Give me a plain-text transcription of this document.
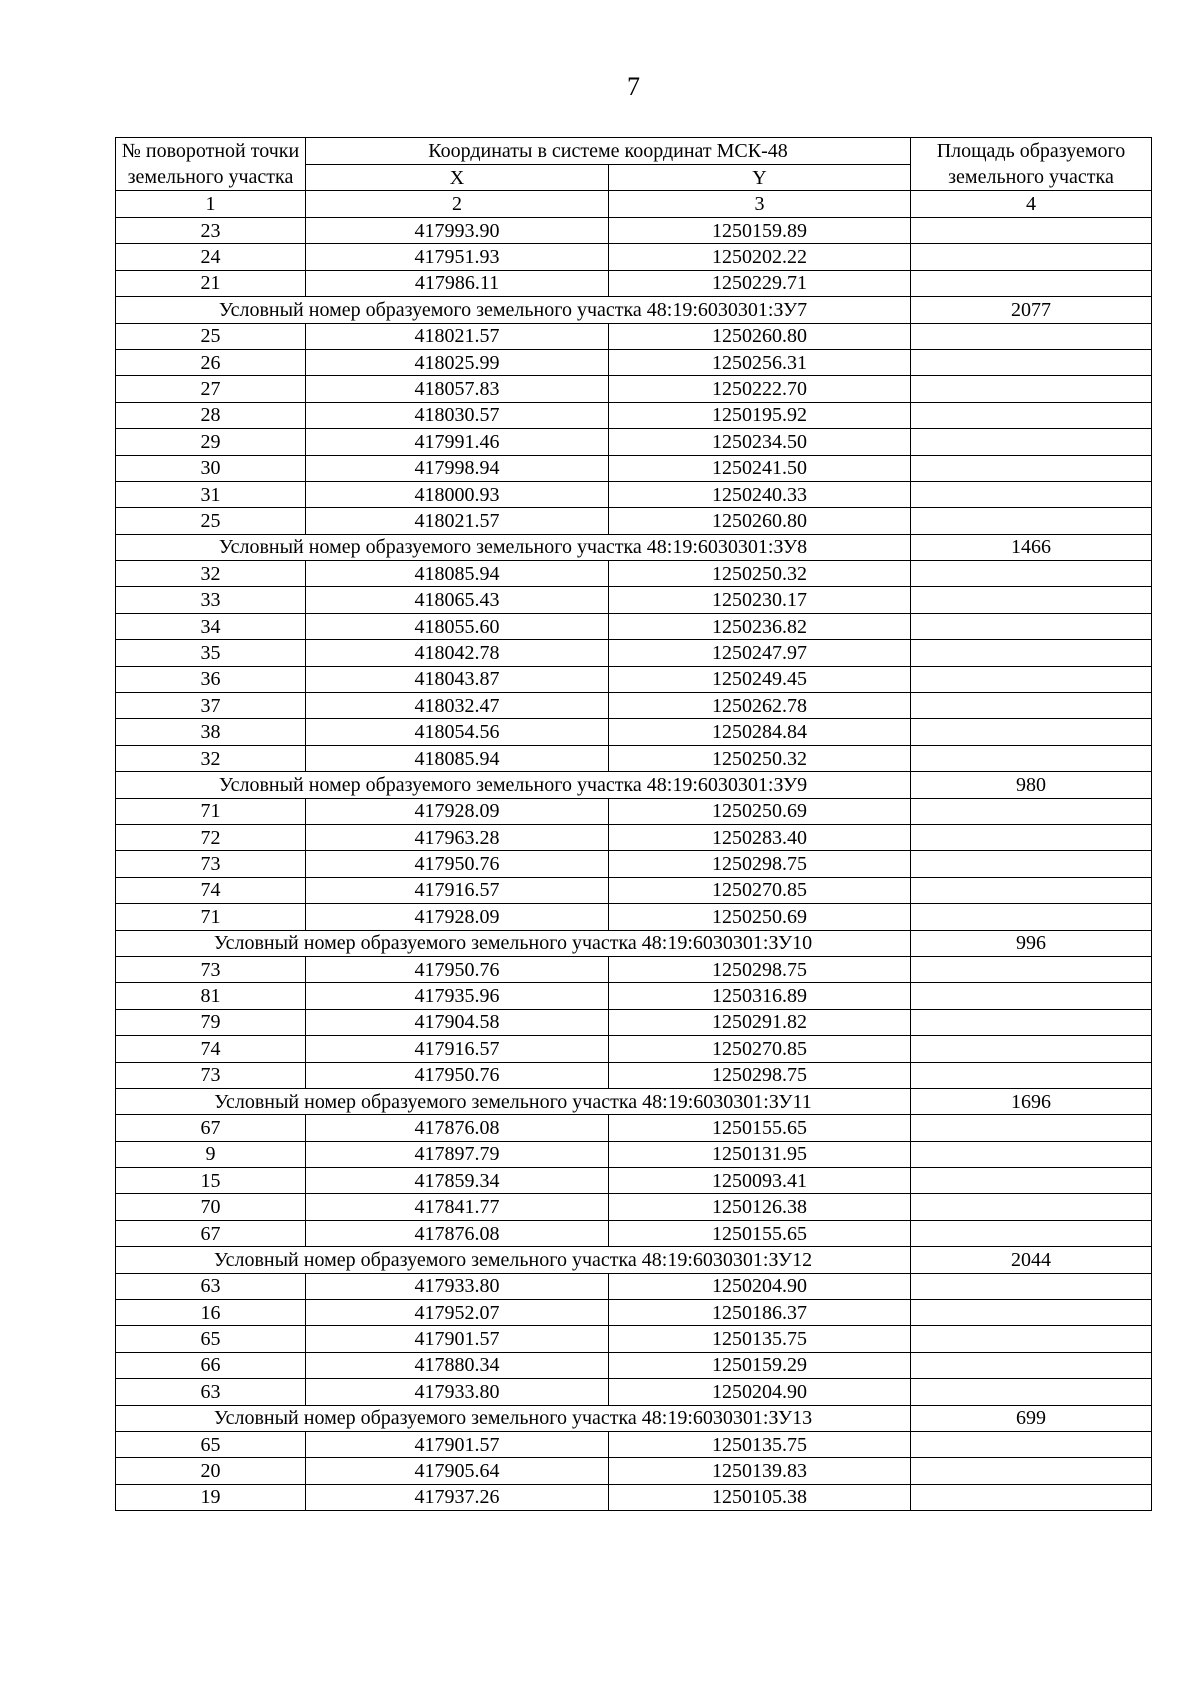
7
№ поворотной точки земельного участка	Координаты в системе координат МСК-48		Площадь образуемого земельного участка
	X	Y	

1	2	3	4
23	417993.90	1250159.89	
24	417951.93	1250202.22	
21	417986.11	1250229.71	
Условный номер образуемого земельного участка 48:19:6030301:ЗУ7			2077
25	418021.57	1250260.80	
26	418025.99	1250256.31	
27	418057.83	1250222.70	
28	418030.57	1250195.92	
29	417991.46	1250234.50	
30	417998.94	1250241.50	
31	418000.93	1250240.33	
25	418021.57	1250260.80	
Условный номер образуемого земельного участка 48:19:6030301:ЗУ8			1466
32	418085.94	1250250.32	
33	418065.43	1250230.17	
34	418055.60	1250236.82	
35	418042.78	1250247.97	
36	418043.87	1250249.45	
37	418032.47	1250262.78	
38	418054.56	1250284.84	
32	418085.94	1250250.32	
Условный номер образуемого земельного участка 48:19:6030301:ЗУ9			980
71	417928.09	1250250.69	
72	417963.28	1250283.40	
73	417950.76	1250298.75	
74	417916.57	1250270.85	
71	417928.09	1250250.69	
Условный номер образуемого земельного участка 48:19:6030301:ЗУ10			996
73	417950.76	1250298.75	
81	417935.96	1250316.89	
79	417904.58	1250291.82	
74	417916.57	1250270.85	
73	417950.76	1250298.75	
Условный номер образуемого земельного участка 48:19:6030301:ЗУ11			1696
67	417876.08	1250155.65	
9	417897.79	1250131.95	
15	417859.34	1250093.41	
70	417841.77	1250126.38	
67	417876.08	1250155.65	
Условный номер образуемого земельного участка 48:19:6030301:ЗУ12			2044
63	417933.80	1250204.90	
16	417952.07	1250186.37	
65	417901.57	1250135.75	
66	417880.34	1250159.29	
63	417933.80	1250204.90	
Условный номер образуемого земельного участка 48:19:6030301:ЗУ13			699
65	417901.57	1250135.75	
20	417905.64	1250139.83	
19	417937.26	1250105.38	
